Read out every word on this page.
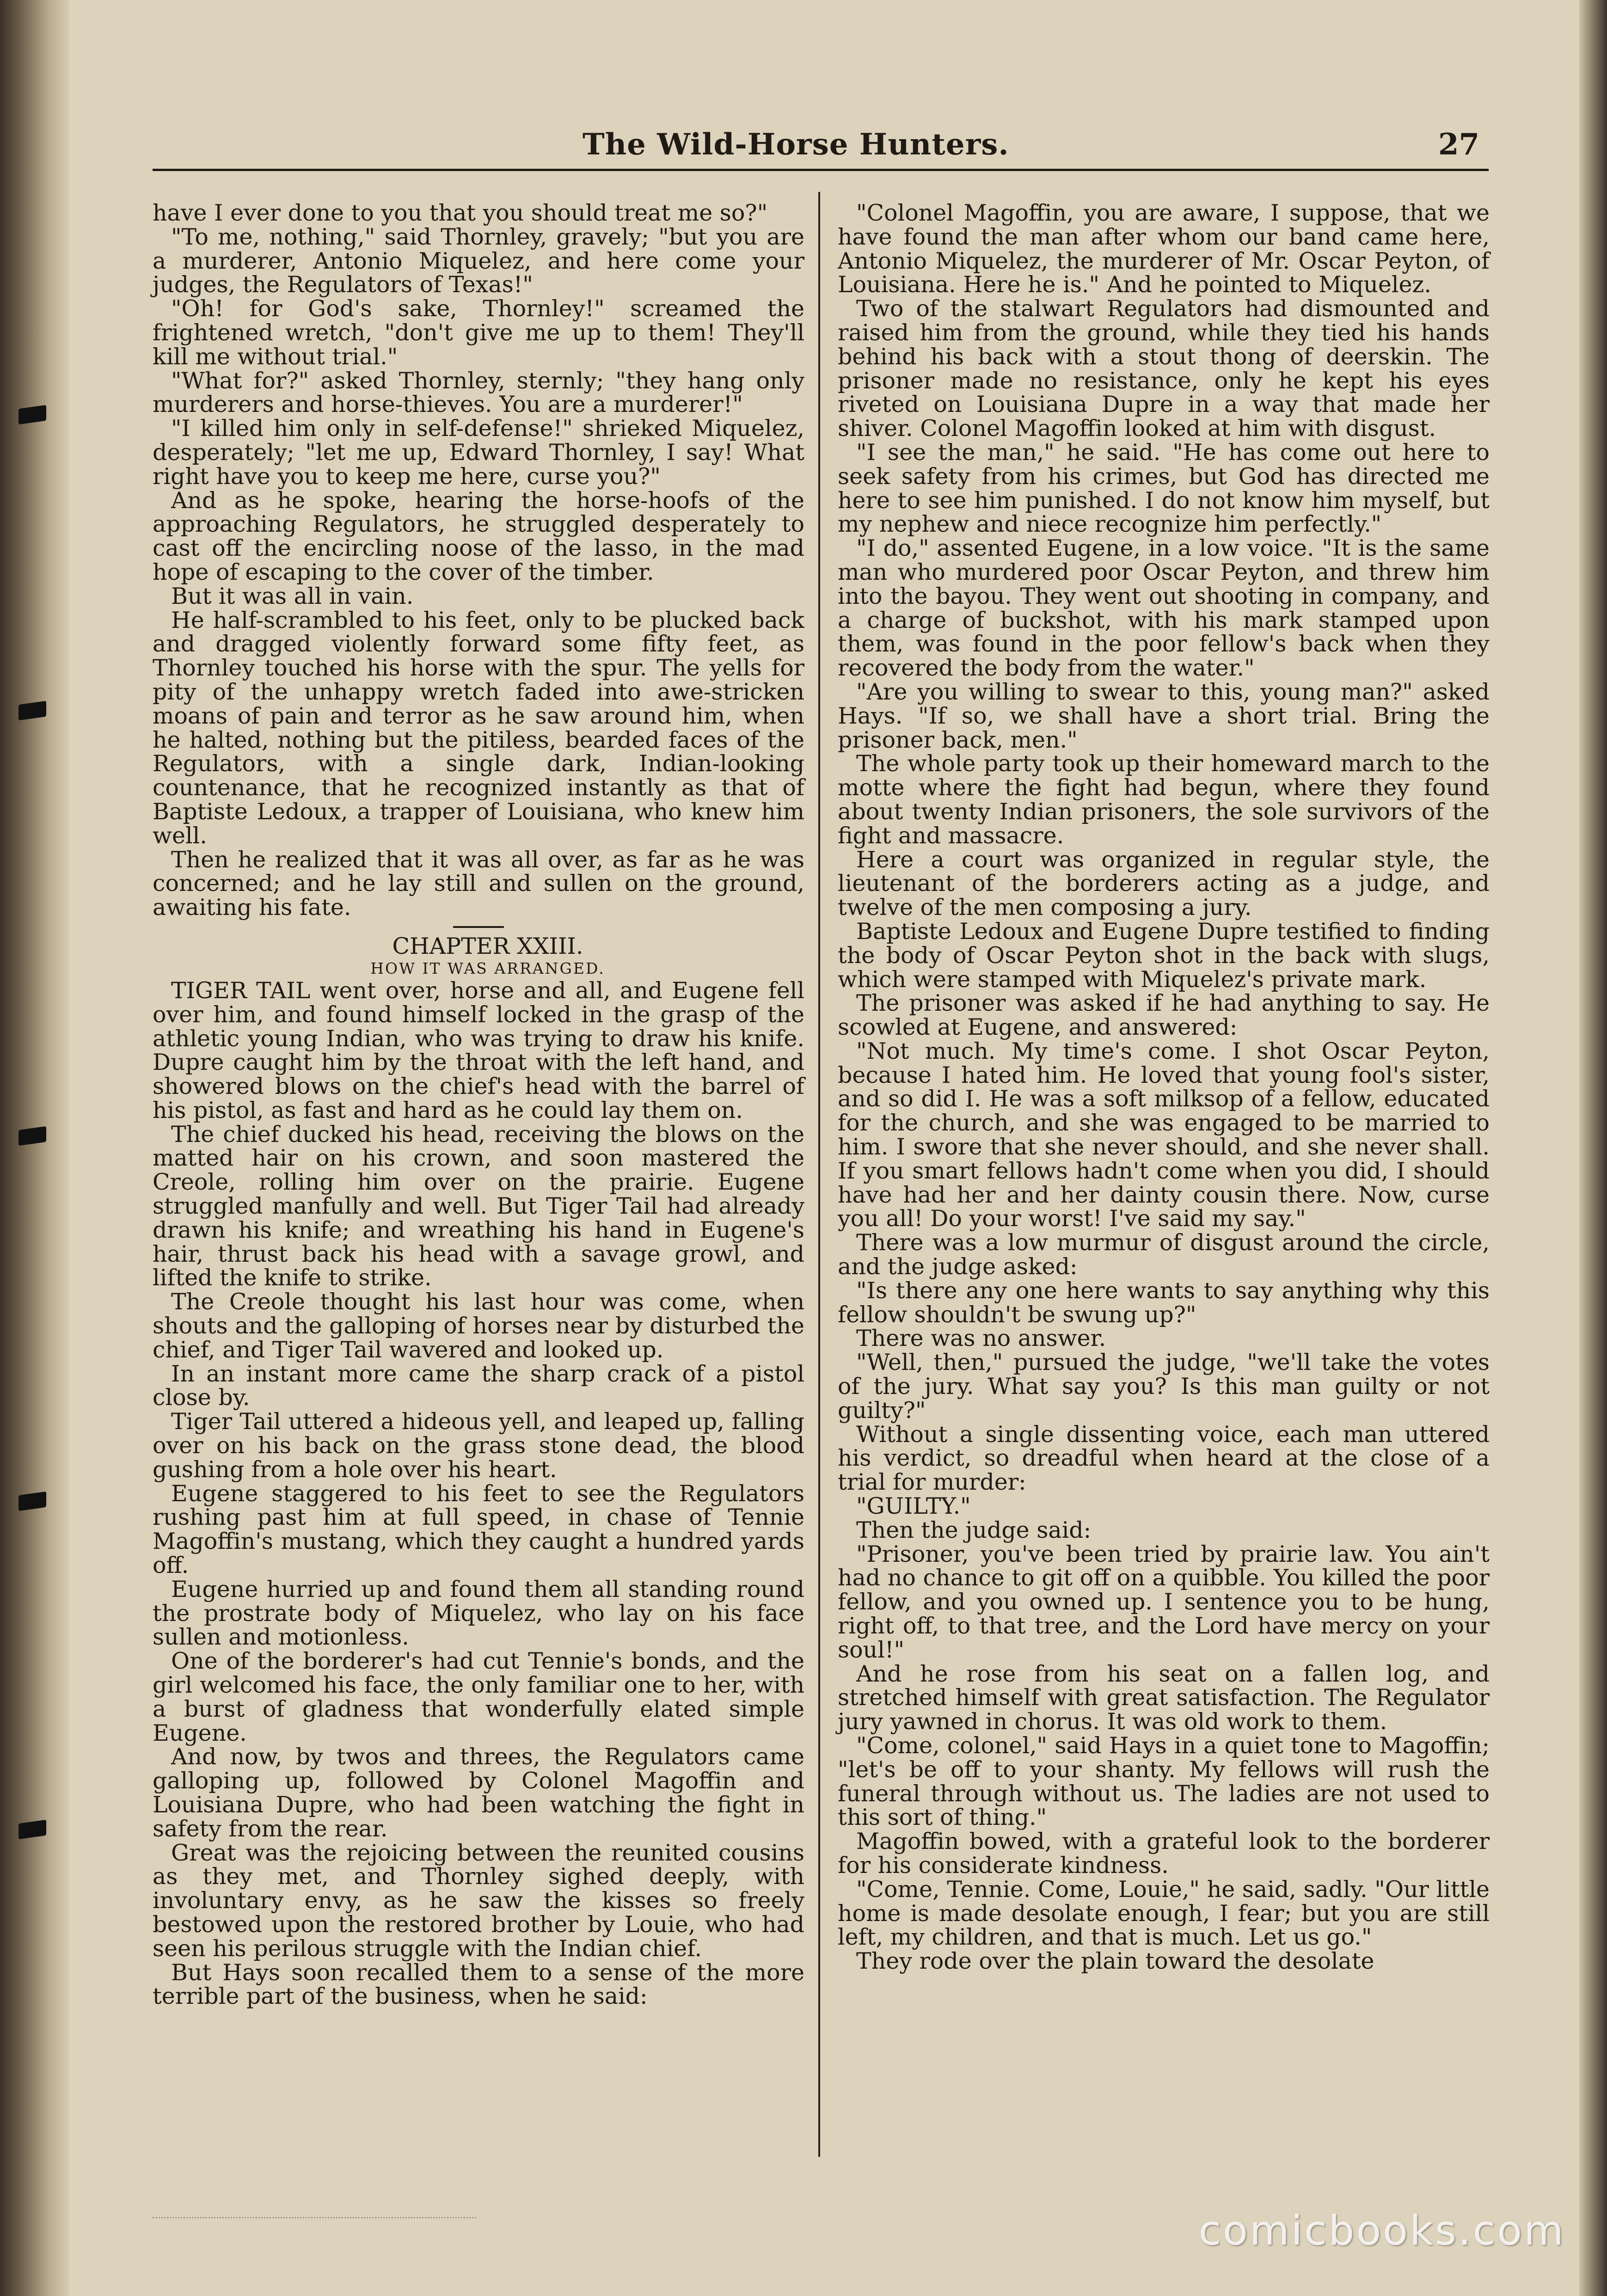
The Wild-Horse Hunters.	27

have I ever done to you that you should treat me so?"

"To me, nothing," said Thornley, gravely; "but you are a murderer, Antonio Miquelez, and here come your judges, the Regulators of Texas!"

"Oh! for God's sake, Thornley!" screamed the frightened wretch, "don't give me up to them! They'll kill me without trial."

"What for?" asked Thornley, sternly; "they hang only murderers and horse-thieves. You are a murderer!"

"I killed him only in self-defense!" shrieked Miquelez, desperately; "let me up, Edward Thornley, I say! What right have you to keep me here, curse you?"

And as he spoke, hearing the horse-hoofs of the approaching Regulators, he struggled desperately to cast off the encircling noose of the lasso, in the mad hope of escaping to the cover of the timber.

But it was all in vain.

He half-scrambled to his feet, only to be plucked back and dragged violently forward some fifty feet, as Thornley touched his horse with the spur. The yells for pity of the unhappy wretch faded into awe-stricken moans of pain and terror as he saw around him, when he halted, nothing but the pitiless, bearded faces of the Regulators, with a single dark, Indian-looking countenance, that he recognized instantly as that of Baptiste Ledoux, a trapper of Louisiana, who knew him well.

Then he realized that it was all over, as far as he was concerned; and he lay still and sullen on the ground, awaiting his fate.

CHAPTER XXIII.

HOW IT WAS ARRANGED.

TIGER TAIL went over, horse and all, and Eugene fell over him, and found himself locked in the grasp of the athletic young Indian, who was trying to draw his knife. Dupre caught him by the throat with the left hand, and showered blows on the chief's head with the barrel of his pistol, as fast and hard as he could lay them on.

The chief ducked his head, receiving the blows on the matted hair on his crown, and soon mastered the Creole, rolling him over on the prairie. Eugene struggled manfully and well. But Tiger Tail had already drawn his knife; and wreathing his hand in Eugene's hair, thrust back his head with a savage growl, and lifted the knife to strike.

The Creole thought his last hour was come, when shouts and the galloping of horses near by disturbed the chief, and Tiger Tail wavered and looked up.

In an instant more came the sharp crack of a pistol close by.

Tiger Tail uttered a hideous yell, and leaped up, falling over on his back on the grass stone dead, the blood gushing from a hole over his heart.

Eugene staggered to his feet to see the Regulators rushing past him at full speed, in chase of Tennie Magoffin's mustang, which they caught a hundred yards off.

Eugene hurried up and found them all standing round the prostrate body of Miquelez, who lay on his face sullen and motionless.

One of the borderer's had cut Tennie's bonds, and the girl welcomed his face, the only familiar one to her, with a burst of gladness that wonderfully elated simple Eugene.

And now, by twos and threes, the Regulators came galloping up, followed by Colonel Magoffin and Louisiana Dupre, who had been watching the fight in safety from the rear.

Great was the rejoicing between the reunited cousins as they met, and Thornley sighed deeply, with involuntary envy, as he saw the kisses so freely bestowed upon the restored brother by Louie, who had seen his perilous struggle with the Indian chief.

But Hays soon recalled them to a sense of the more terrible part of the business, when he said:

"Colonel Magoffin, you are aware, I suppose, that we have found the man after whom our band came here, Antonio Miquelez, the murderer of Mr. Oscar Peyton, of Louisiana. Here he is." And he pointed to Miquelez.

Two of the stalwart Regulators had dismounted and raised him from the ground, while they tied his hands behind his back with a stout thong of deerskin. The prisoner made no resistance, only he kept his eyes riveted on Louisiana Dupre in a way that made her shiver. Colonel Magoffin looked at him with disgust.

"I see the man," he said. "He has come out here to seek safety from his crimes, but God has directed me here to see him punished. I do not know him myself, but my nephew and niece recognize him perfectly."

"I do," assented Eugene, in a low voice. "It is the same man who murdered poor Oscar Peyton, and threw him into the bayou. They went out shooting in company, and a charge of buckshot, with his mark stamped upon them, was found in the poor fellow's back when they recovered the body from the water."

"Are you willing to swear to this, young man?" asked Hays. "If so, we shall have a short trial. Bring the prisoner back, men."

The whole party took up their homeward march to the motte where the fight had begun, where they found about twenty Indian prisoners, the sole survivors of the fight and massacre.

Here a court was organized in regular style, the lieutenant of the borderers acting as a judge, and twelve of the men composing a jury.

Baptiste Ledoux and Eugene Dupre testified to finding the body of Oscar Peyton shot in the back with slugs, which were stamped with Miquelez's private mark.

The prisoner was asked if he had anything to say. He scowled at Eugene, and answered:

"Not much. My time's come. I shot Oscar Peyton, because I hated him. He loved that young fool's sister, and so did I. He was a soft milksop of a fellow, educated for the church, and she was engaged to be married to him. I swore that she never should, and she never shall. If you smart fellows hadn't come when you did, I should have had her and her dainty cousin there. Now, curse you all! Do your worst! I've said my say."

There was a low murmur of disgust around the circle, and the judge asked:

"Is there any one here wants to say anything why this fellow shouldn't be swung up?"

There was no answer.

"Well, then," pursued the judge, "we'll take the votes of the jury. What say you? Is this man guilty or not guilty?"

Without a single dissenting voice, each man uttered his verdict, so dreadful when heard at the close of a trial for murder:

"GUILTY."

Then the judge said:

"Prisoner, you've been tried by prairie law. You ain't had no chance to git off on a quibble. You killed the poor fellow, and you owned up. I sentence you to be hung, right off, to that tree, and the Lord have mercy on your soul!"

And he rose from his seat on a fallen log, and stretched himself with great satisfaction. The Regulator jury yawned in chorus. It was old work to them.

"Come, colonel," said Hays in a quiet tone to Magoffin; "let's be off to your shanty. My fellows will rush the funeral through without us. The ladies are not used to this sort of thing."

Magoffin bowed, with a grateful look to the borderer for his considerate kindness.

"Come, Tennie. Come, Louie," he said, sadly. "Our little home is made desolate enough, I fear; but you are still left, my children, and that is much. Let us go."

They rode over the plain toward the desolate

comicbooks.com
